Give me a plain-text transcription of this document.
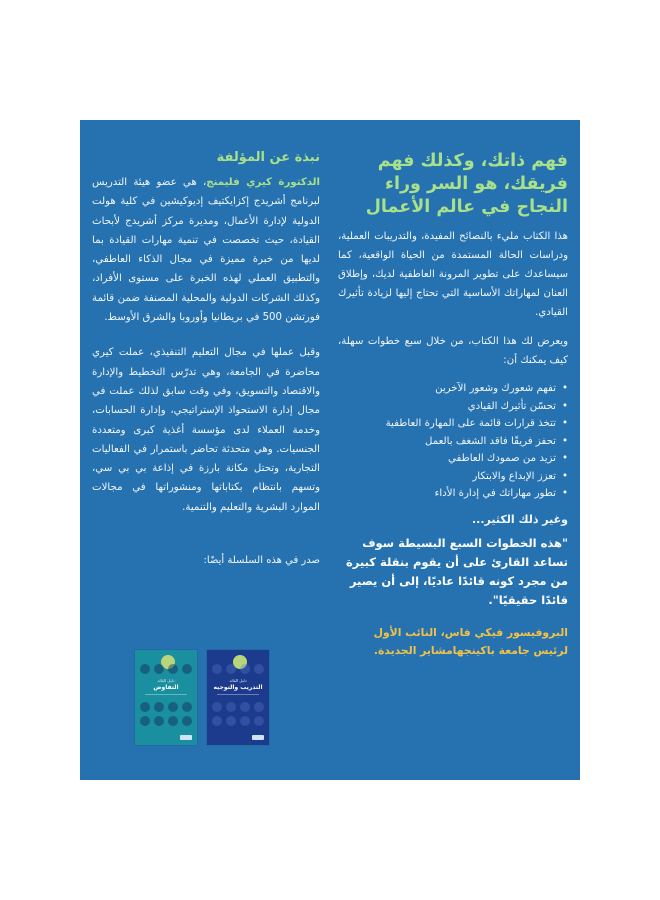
فهم ذاتك، وكذلك فهم فريقك، هو السر وراء النجاح في عالم الأعمال

هذا الكتاب مليء بالنصائح المفيدة، والتدريبات العملية، ودراسات الحالة المستمدة من الحياة الواقعية، كما سيساعدك على تطوير المرونة العاطفية لديك، وإطلاق العنان لمهاراتك الأساسية التي تحتاج إليها لزيادة تأثيرك القيادي.

ويعرض لك هذا الكتاب، من خلال سبع خطوات سهلة، كيف يمكنك أن:

• تفهم شعورك وشعور الآخرين
• تحسّن تأثيرك القيادي
• تتخذ قرارات قائمة على المهارة العاطفية
• تحفز فريقًا فاقد الشغف بالعمل
• تزيد من صمودك العاطفي
• تعزز الإبداع والابتكار
• تطور مهاراتك في إدارة الأداء

وغير ذلك الكثير...

"هذه الخطوات السبع البسيطة سوف تساعد القارئ على أن يقوم بنقلة كبيرة من مجرد كونه قائدًا عاديًا، إلى أن يصير قائدًا حقيقيًا".

البروفيسور فيكي فاس، النائب الأول
لرئيس جامعة باكينجهامشاير الجديدة.

نبذة عن المؤلفة

الدكتورة كيري فليمنج، هي عضو هيئة التدريس لبرنامج أشريدج إكزايكتيف إديوكيشين في كلية هولت الدولية لإدارة الأعمال، ومديرة مركز أشريدج لأبحاث القيادة، حيث تخصصت في تنمية مهارات القيادة بما لديها من خبرة مميزة في مجال الذكاء العاطفي، والتطبيق العملي لهذه الخبرة على مستوى الأفراد، وكذلك الشركات الدولية والمحلية المصنفة ضمن قائمة فورتشن 500 في بريطانيا وأوروبا والشرق الأوسط.

وقبل عملها في مجال التعليم التنفيذي، عملت كيري محاضرة في الجامعة، وهي تدرّس التخطيط والإدارة والاقتصاد والتسويق، وفي وقت سابق لذلك عملت في مجال إدارة الاستحواذ الإستراتيجي، وإدارة الحسابات، وخدمة العملاء لدى مؤسسة أغذية كبرى ومتعددة الجنسيات. وهي متحدثة تحاضر باستمرار في الفعاليات التجارية، وتحتل مكانة بارزة في إذاعة بي بي سي، وتسهم بانتظام بكتاباتها ومنشوراتها في مجالات الموارد البشرية والتعليم والتنمية.

صدر في هذه السلسلة أيضًا:

دليل القائد
التفاوض
دليل القائد
التدريب والتوجيه
